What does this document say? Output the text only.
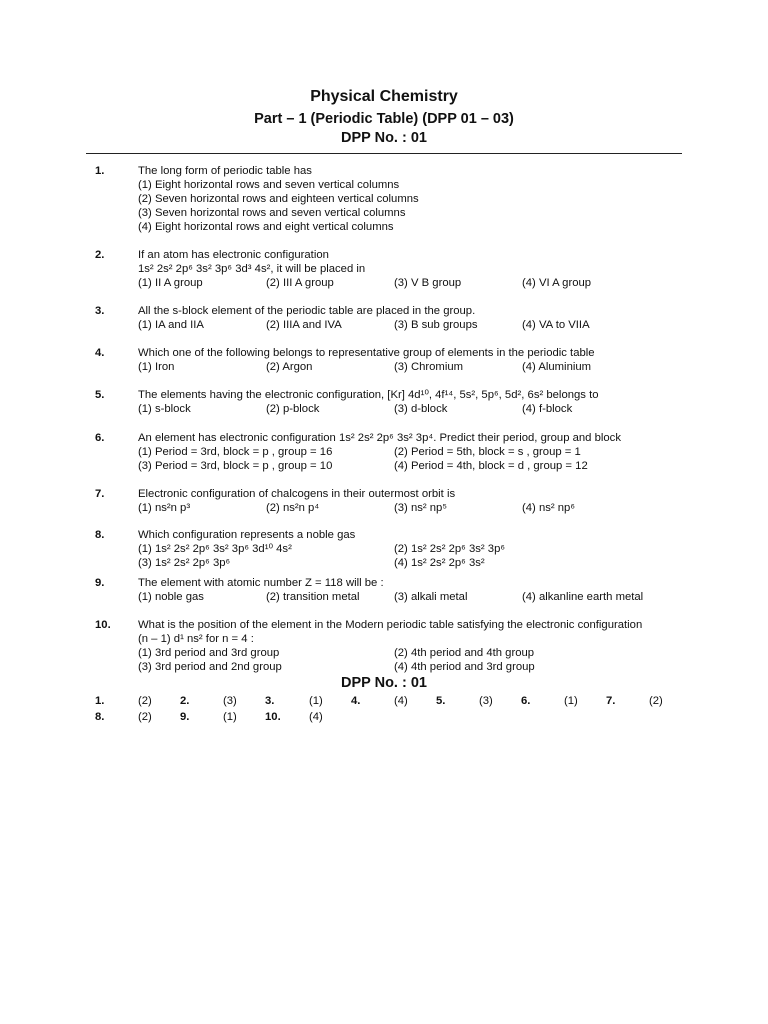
Physical Chemistry
Part – 1 (Periodic Table) (DPP 01 – 03)
DPP No. : 01
1.	The long form of periodic table has
(1) Eight horizontal rows and seven vertical columns
(2) Seven horizontal rows and eighteen vertical columns
(3) Seven horizontal rows and seven vertical columns
(4) Eight horizontal rows and eight vertical columns
2.	If an atom has electronic configuration
1s² 2s² 2p⁶ 3s² 3p⁶ 3d³ 4s², it will be placed in
(1) II A group	(2) III A group	(3) V B group	(4) VI A group
3.	All the s-block element of the periodic table are placed in the group.
(1) IA and IIA	(2) IIIA and IVA	(3) B sub groups	(4) VA to VIIA
4.	Which one of the following belongs to representative group of elements in the periodic table
(1) Iron	(2) Argon	(3) Chromium	(4) Aluminium
5.	The elements having the electronic configuration, [Kr] 4d¹⁰, 4f¹⁴, 5s², 5p⁶, 5d², 6s² belongs to
(1) s-block	(2) p-block	(3) d-block	(4) f-block
6.	An element has electronic configuration 1s² 2s² 2p⁶ 3s² 3p⁴. Predict their period, group and block
(1) Period = 3rd, block = p , group = 16	(2) Period = 5th, block = s , group = 1
(3) Period = 3rd, block = p , group = 10	(4) Period = 4th, block = d , group = 12
7.	Electronic configuration of chalcogens in their outermost orbit is
(1) ns²n p³	(2) ns²n p⁴	(3) ns² np⁵	(4) ns² np⁶
8.	Which configuration represents a noble gas
(1) 1s² 2s² 2p⁶ 3s² 3p⁶ 3d¹⁰ 4s²	(2) 1s² 2s² 2p⁶ 3s² 3p⁶
(3) 1s² 2s² 2p⁶ 3p⁶	(4) 1s² 2s² 2p⁶ 3s²
9.	The element with atomic number Z = 118 will be :
(1) noble gas	(2) transition metal	(3) alkali metal	(4) alkanline earth metal
10. What is the position of the element in the Modern periodic table satisfying the electronic configuration
(n – 1) d¹ ns² for n = 4 :
(1) 3rd period and 3rd group	(2) 4th period and 4th group
(3) 3rd period and 2nd group	(4) 4th period and 3rd group
DPP No. : 01
1.	(2) 2.	(3) 3.	(1) 4.	(4) 5.	(3) 6.	(1) 7.	(2)
8.	(2) 9.	(1) 10.	(4)
